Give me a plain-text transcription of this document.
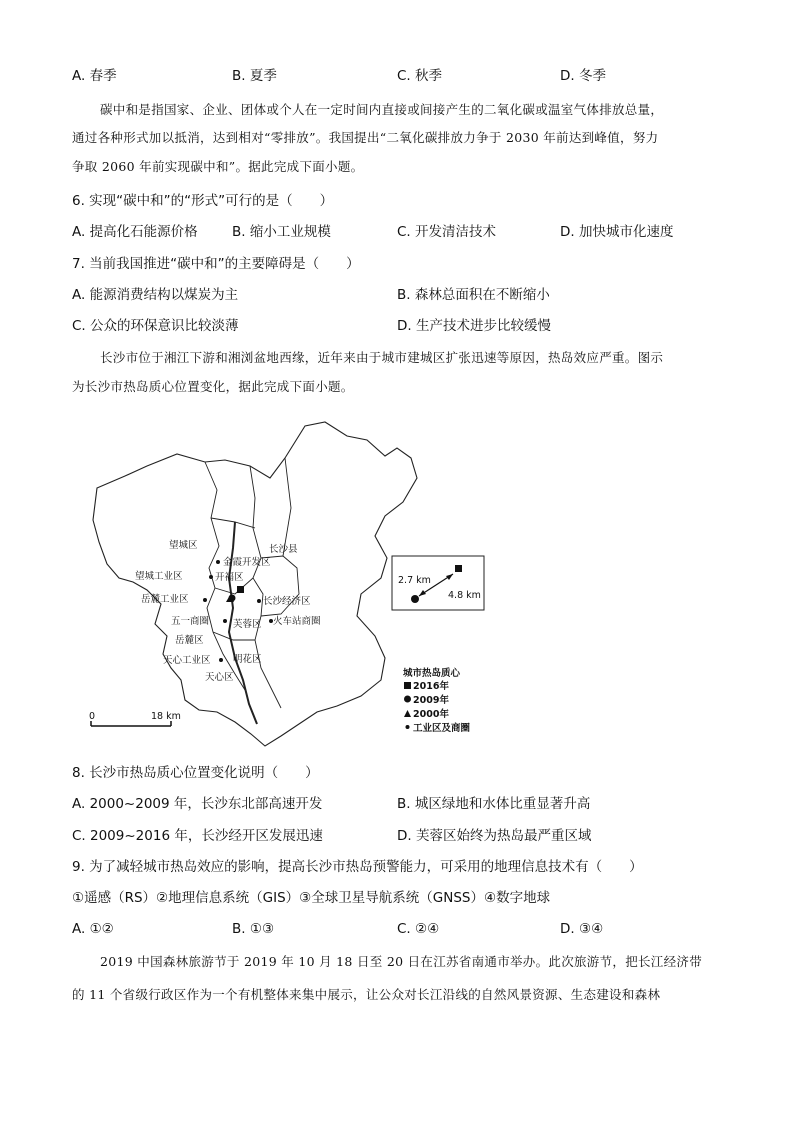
A. 春季	B. 夏季	C. 秋季	D. 冬季
碳中和是指国家、企业、团体或个人在一定时间内直接或间接产生的二氧化碳或温室气体排放总量，
通过各种形式加以抵消，达到相对“零排放”。我国提出“二氧化碳排放力争于 2030 年前达到峰值，努力
争取 2060 年前实现碳中和”。据此完成下面小题。
6. 实现“碳中和”的“形式”可行的是（　　）
A. 提高化石能源价格	B. 缩小工业规模	C. 开发清洁技术	D. 加快城市化速度
7. 当前我国推进“碳中和”的主要障碍是（　　）
A. 能源消费结构以煤炭为主	B. 森林总面积在不断缩小
C. 公众的环保意识比较淡薄	D. 生产技术进步比较缓慢
长沙市位于湘江下游和湘浏盆地西缘，近年来由于城市建城区扩张迅速等原因，热岛效应严重。图示
为长沙市热岛质心位置变化，据此完成下面小题。
望城区	长沙县
金霞开发区
开福区
望城工业区
岳麓工业区	长沙经济区
五一商圈	芙蓉区 火车站商圈
岳麓区
天心工业区 明花区
天心区
2.7 km
4.8 km
城市热岛质心
2016年
2009年
2000年
工业区及商圈
0	18 km
8. 长沙市热岛质心位置变化说明（　　）
A. 2000~2009 年，长沙东北部高速开发	B. 城区绿地和水体比重显著升高
C. 2009~2016 年，长沙经开区发展迅速	D. 芙蓉区始终为热岛最严重区域
9. 为了减轻城市热岛效应的影响，提高长沙市热岛预警能力，可采用的地理信息技术有（　　）
①遥感（RS）②地理信息系统（GIS）③全球卫星导航系统（GNSS）④数字地球
A. ①②	B. ①③	C. ②④	D. ③④
2019 中国森林旅游节于 2019 年 10 月 18 日至 20 日在江苏省南通市举办。此次旅游节，把长江经济带
的 11 个省级行政区作为一个有机整体来集中展示，让公众对长江沿线的自然风景资源、生态建设和森林
